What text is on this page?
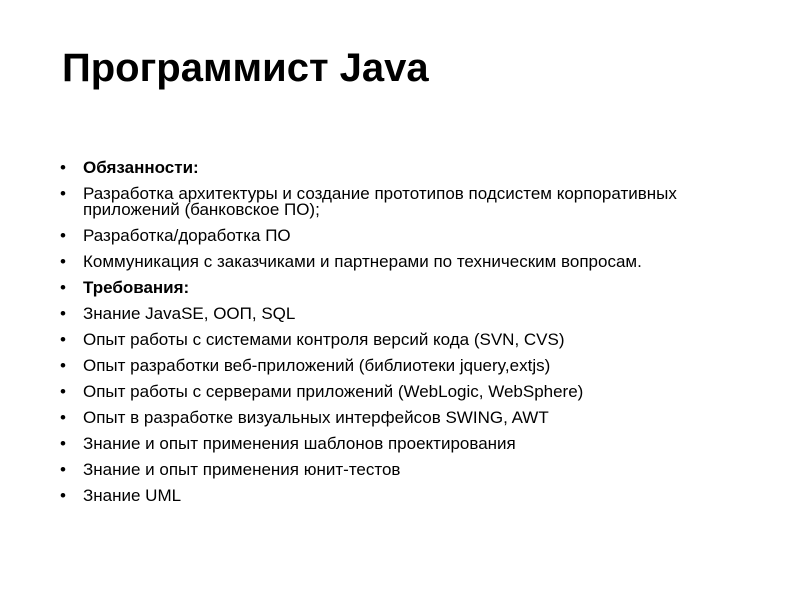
Программист Java
• Обязанности:
• Разработка архитектуры и создание прототипов подсистем корпоративных приложений (банковское ПО);
• Разработка/доработка ПО
• Коммуникация с заказчиками и партнерами по техническим вопросам.
• Требования:
• Знание JavaSE, ООП, SQL
• Опыт работы с системами контроля версий кода (SVN, CVS)
• Опыт разработки веб-приложений (библиотеки jquery,extjs)
• Опыт работы с серверами приложений (WebLogic, WebSphere)
• Опыт в разработке визуальных интерфейсов SWING, AWT
• Знание и опыт применения шаблонов проектирования
• Знание и опыт применения юнит-тестов
• Знание UML
